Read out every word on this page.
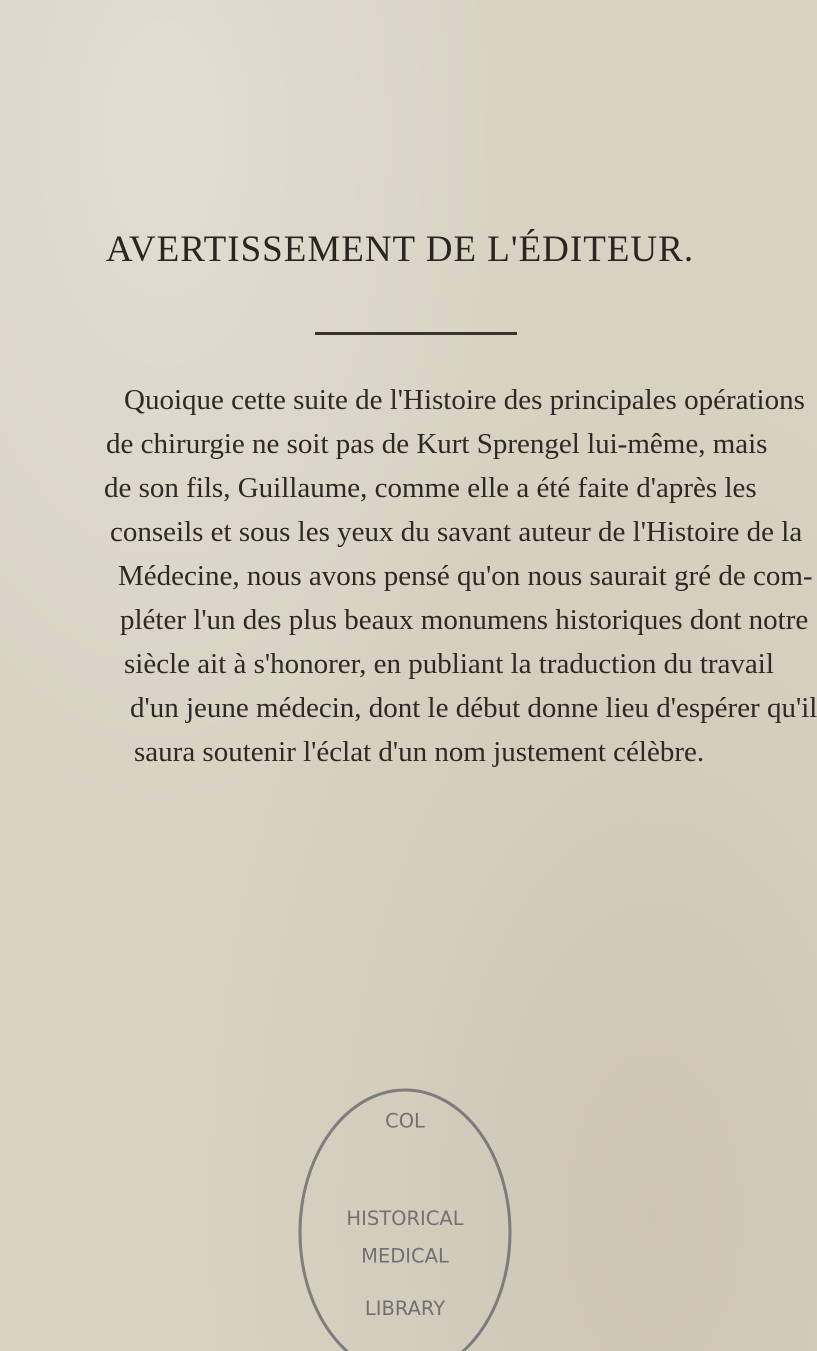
AVERTISSEMENT DE L'ÉDITEUR.
Quoique cette suite de l'Histoire des principales opérations
de chirurgie ne soit pas de Kurt Sprengel lui-même, mais
de son fils, Guillaume, comme elle a été faite d'après les
conseils et sous les yeux du savant auteur de l'Histoire de la
Médecine, nous avons pensé qu'on nous saurait gré de com-
pléter l'un des plus beaux monumens historiques dont notre
siècle ait à s'honorer, en publiant la traduction du travail
d'un jeune médecin, dont le début donne lieu d'espérer qu'il
saura soutenir l'éclat d'un nom justement célèbre.
COL
HISTORICAL
MEDICAL
LIBRARY
